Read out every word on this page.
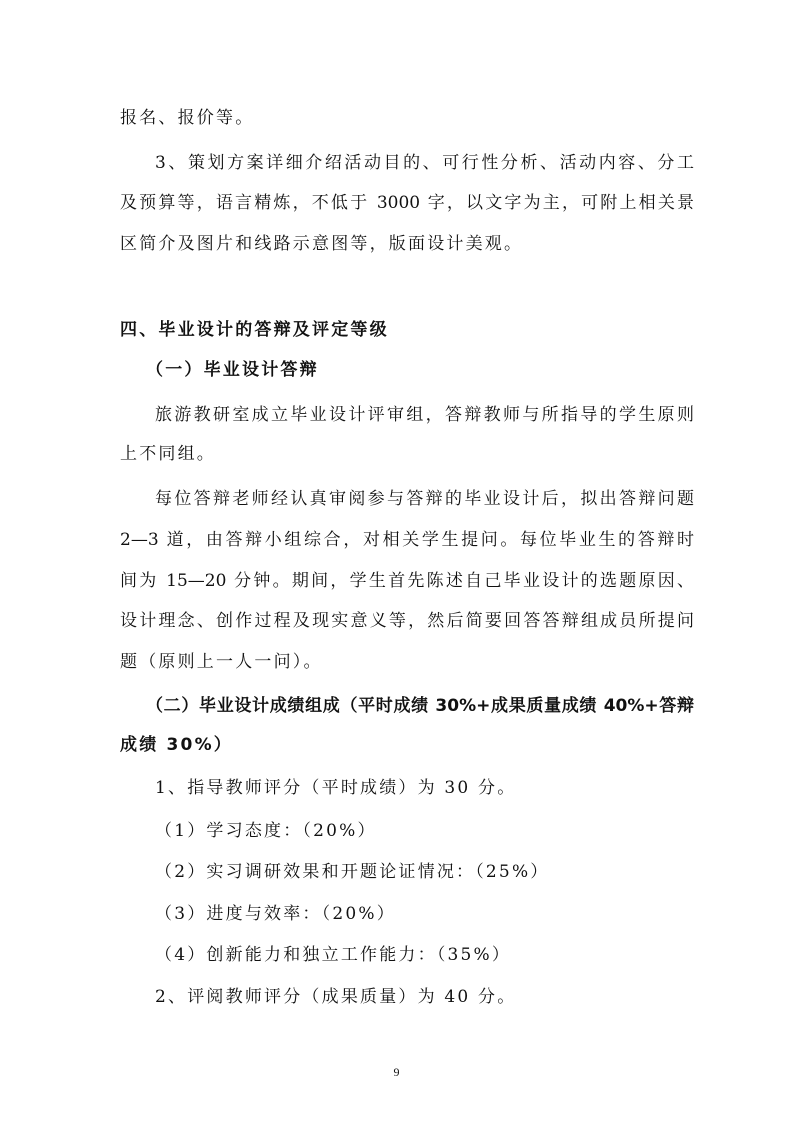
报名、报价等。
3、策划方案详细介绍活动目的、可行性分析、活动内容、分工
及预算等，语言精炼，不低于 3000 字，以文字为主，可附上相关景
区简介及图片和线路示意图等，版面设计美观。
四、毕业设计的答辩及评定等级
（一）毕业设计答辩
旅游教研室成立毕业设计评审组，答辩教师与所指导的学生原则
上不同组。
每位答辩老师经认真审阅参与答辩的毕业设计后，拟出答辩问题
2—3 道，由答辩小组综合，对相关学生提问。每位毕业生的答辩时
间为 15—20 分钟。期间，学生首先陈述自己毕业设计的选题原因、
设计理念、创作过程及现实意义等，然后简要回答答辩组成员所提问
题（原则上一人一问）。
（二）毕业设计成绩组成（平时成绩 30%+成果质量成绩 40%+答辩
成绩 30%）
1、指导教师评分（平时成绩）为 30 分。
（1）学习态度：（20%）
（2）实习调研效果和开题论证情况：（25%）
（3）进度与效率：（20%）
（4）创新能力和独立工作能力：（35%）
2、评阅教师评分（成果质量）为 40 分。
9
